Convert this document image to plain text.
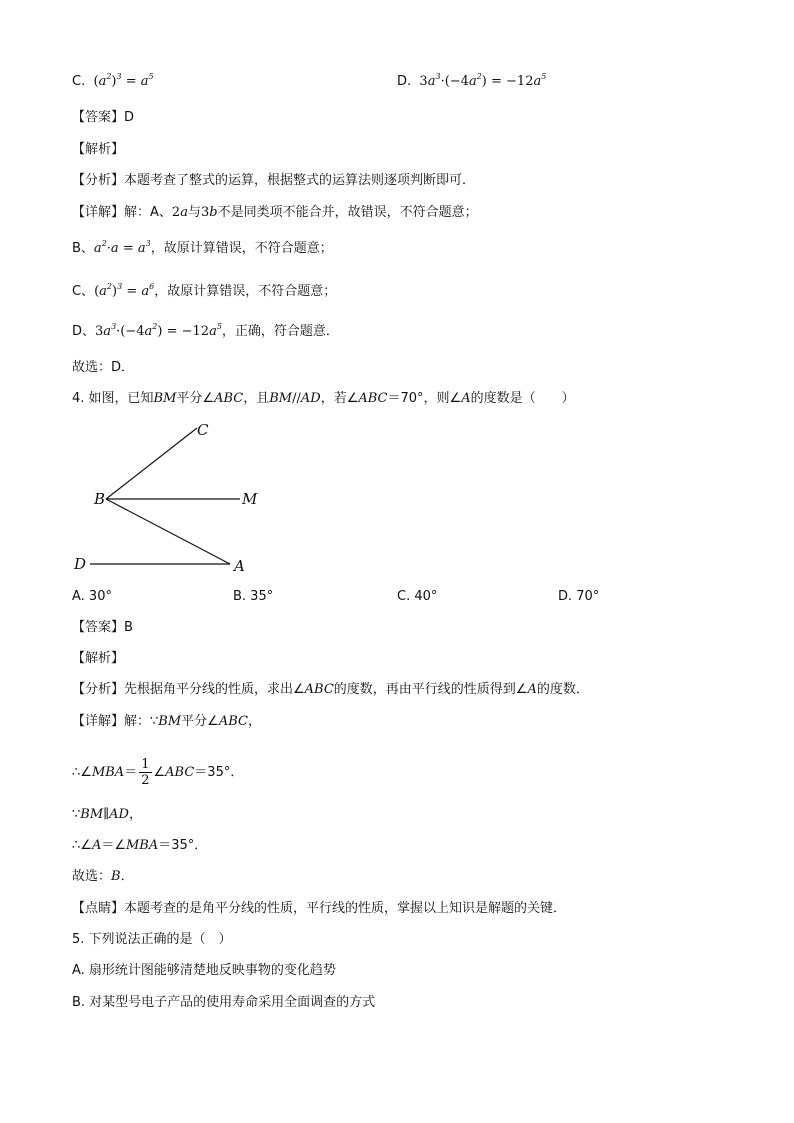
C. $(a^2)^3 = a^5$	D. $3a^3\cdot(-4a^2) = -12a^5$
【答案】D
【解析】
【分析】本题考查了整式的运算，根据整式的运算法则逐项判断即可．
【详解】解：A、2a与3b不是同类项不能合并，故错误，不符合题意；
B、$a^2\cdot a = a^3$，故原计算错误，不符合题意；
C、$(a^2)^3 = a^6$，故原计算错误，不符合题意；
D、$3a^3\cdot(-4a^2) = -12a^5$，正确，符合题意．
故选：D．
4. 如图，已知BM平分∠ABC，且BM//AD，若∠ABC＝70°，则∠A的度数是（　　）
C
B	M
D	A
A. 30°	B. 35°	C. 40°	D. 70°
【答案】B
【解析】
【分析】先根据角平分线的性质，求出∠ABC的度数，再由平行线的性质得到∠A的度数．
【详解】解：∵BM平分∠ABC，
∴∠MBA＝ $\frac{1}{2}$ ∠ABC＝35°．
∵BM∥AD，
∴∠A＝∠MBA＝35°．
故选：B．
【点睛】本题考查的是角平分线的性质，平行线的性质，掌握以上知识是解题的关键．
5. 下列说法正确的是（　）
A. 扇形统计图能够清楚地反映事物的变化趋势
B. 对某型号电子产品的使用寿命采用全面调查的方式
